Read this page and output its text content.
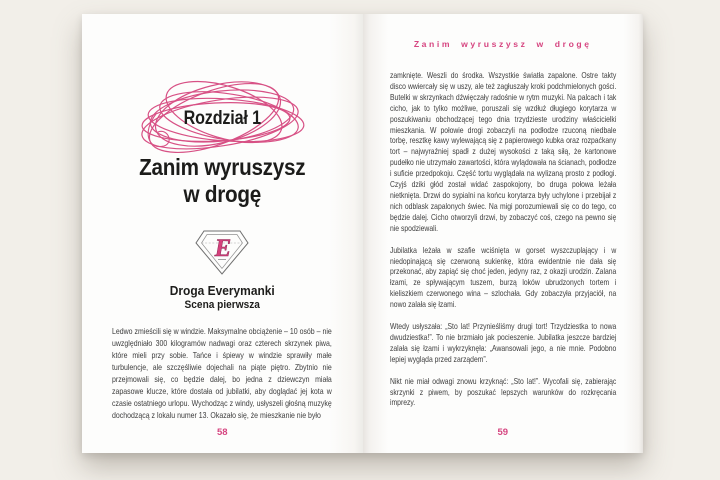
Rozdział 1
Zanim wyruszysz
w drogę
E
Droga Everymanki
Scena pierwsza

Ledwo zmieścili się w windzie. Maksymalne obciążenie – 10 osób – nie uwzględniało 300 kilogramów nadwagi oraz czterech skrzynek piwa, które mieli przy sobie. Tańce i śpiewy w windzie sprawiły małe turbulencje, ale szczęśliwie dojechali na piąte piętro. Zbytnio nie przejmowali się, co będzie dalej, bo jedna z dziewczyn miała zapasowe klucze, które dostała od jubilatki, aby doglądać jej kota w czasie ostatniego urlopu. Wychodząc z windy, usłyszeli głośną muzykę dochodzącą z lokalu numer 13. Okazało się, że mieszkanie nie było

58
Zanim wyruszysz w drogę

zamknięte. Weszli do środka. Wszystkie światła zapalone. Ostre takty disco wwiercały się w uszy, ale też zagłuszały kroki podchmielonych gości. Butelki w skrzynkach dźwięczały radośnie w rytm muzyki. Na palcach i tak cicho, jak to tylko możliwe, poruszali się wzdłuż długiego korytarza w poszukiwaniu obchodzącej tego dnia trzydzieste urodziny właścicielki mieszkania. W połowie drogi zobaczyli na podłodze rzuconą niedbale torbę, resztkę kawy wylewającą się z papierowego kubka oraz rozpaćkany tort – najwyraźniej spadł z dużej wysokości z taką siłą, że kartonowe pudełko nie utrzymało zawartości, która wylądowała na ścianach, podłodze i suficie przedpokoju. Część tortu wyglądała na wylizaną prosto z podłogi. Czyjś dziki głód został widać zaspokojony, bo druga połowa leżała nietknięta. Drzwi do sypialni na końcu korytarza były uchylone i przebijał z nich odblask zapalonych świec. Na migi porozumiewali się co do tego, co będzie dalej. Cicho otworzyli drzwi, by zobaczyć coś, czego na pewno się nie spodziewali.

Jubilatka leżała w szafie wciśnięta w gorset wyszczuplający i w niedopinającą się czerwoną sukienkę, która ewidentnie nie dała się przekonać, aby zapiąć się choć jeden, jedyny raz, z okazji urodzin. Zalana łzami, ze spływającym tuszem, burzą loków ubrudzonych tortem i kieliszkiem czerwonego wina – szlochała. Gdy zobaczyła przyjaciół, na nowo zalała się łzami.

Wtedy usłyszała: „Sto lat! Przynieśliśmy drugi tort! Trzydziestka to nowa dwudziestka!”. To nie brzmiało jak pocieszenie. Jubilatka jeszcze bardziej zalała się łzami i wykrzyknęła: „Awansowali jego, a nie mnie. Podobno lepiej wygląda przed zarządem”.

Nikt nie miał odwagi znowu krzyknąć: „Sto lat!”. Wycofali się, zabierając skrzynki z piwem, by poszukać lepszych warunków do rozkręcania imprezy.

59
